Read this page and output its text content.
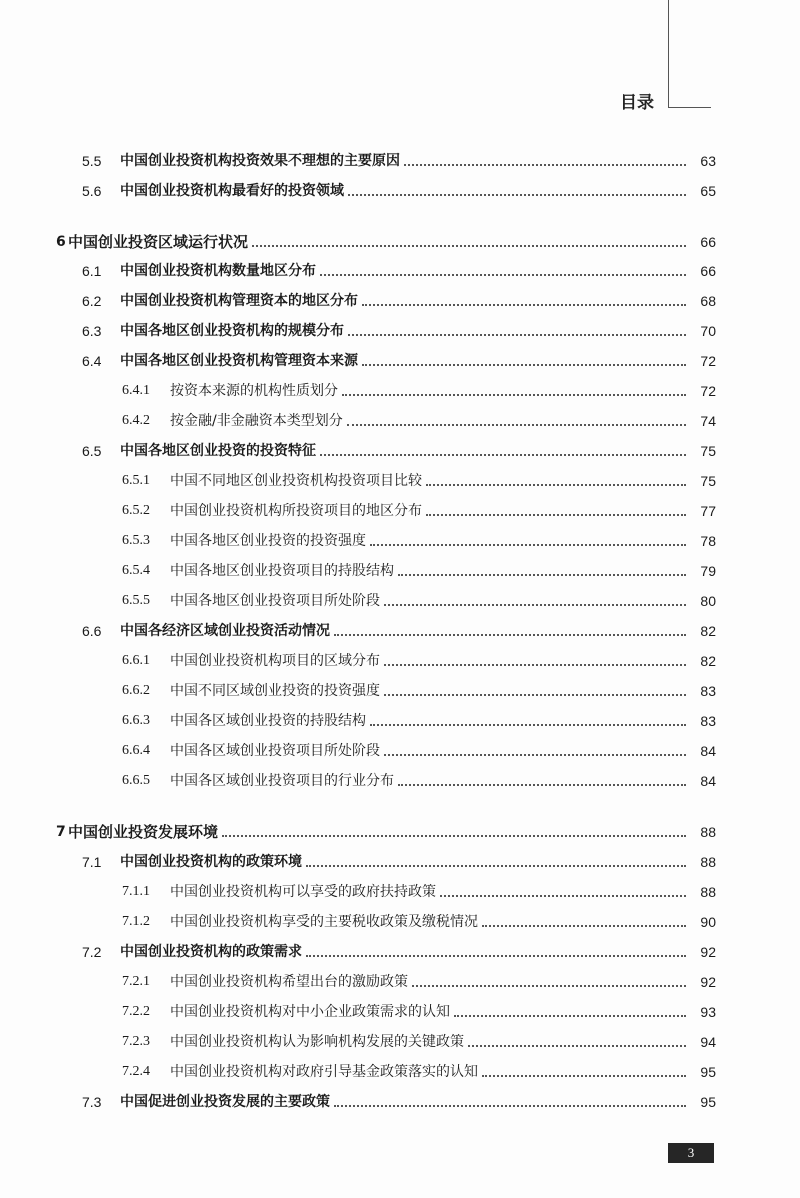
目录
5.5	中国创业投资机构投资效果不理想的主要原因	63
5.6	中国创业投资机构最看好的投资领域	65
6 中国创业投资区域运行状况	66
6.1	中国创业投资机构数量地区分布	66
6.2	中国创业投资机构管理资本的地区分布	68
6.3	中国各地区创业投资机构的规模分布	70
6.4	中国各地区创业投资机构管理资本来源	72
6.4.1	按资本来源的机构性质划分	72
6.4.2	按金融/非金融资本类型划分	74
6.5	中国各地区创业投资的投资特征	75
6.5.1	中国不同地区创业投资机构投资项目比较	75
6.5.2	中国创业投资机构所投资项目的地区分布	77
6.5.3	中国各地区创业投资的投资强度	78
6.5.4	中国各地区创业投资项目的持股结构	79
6.5.5	中国各地区创业投资项目所处阶段	80
6.6	中国各经济区域创业投资活动情况	82
6.6.1	中国创业投资机构项目的区域分布	82
6.6.2	中国不同区域创业投资的投资强度	83
6.6.3	中国各区域创业投资的持股结构	83
6.6.4	中国各区域创业投资项目所处阶段	84
6.6.5	中国各区域创业投资项目的行业分布	84
7 中国创业投资发展环境	88
7.1	中国创业投资机构的政策环境	88
7.1.1	中国创业投资机构可以享受的政府扶持政策	88
7.1.2	中国创业投资机构享受的主要税收政策及缴税情况	90
7.2	中国创业投资机构的政策需求	92
7.2.1	中国创业投资机构希望出台的激励政策	92
7.2.2	中国创业投资机构对中小企业政策需求的认知	93
7.2.3	中国创业投资机构认为影响机构发展的关键政策	94
7.2.4	中国创业投资机构对政府引导基金政策落实的认知	95
7.3	中国促进创业投资发展的主要政策	95
3
